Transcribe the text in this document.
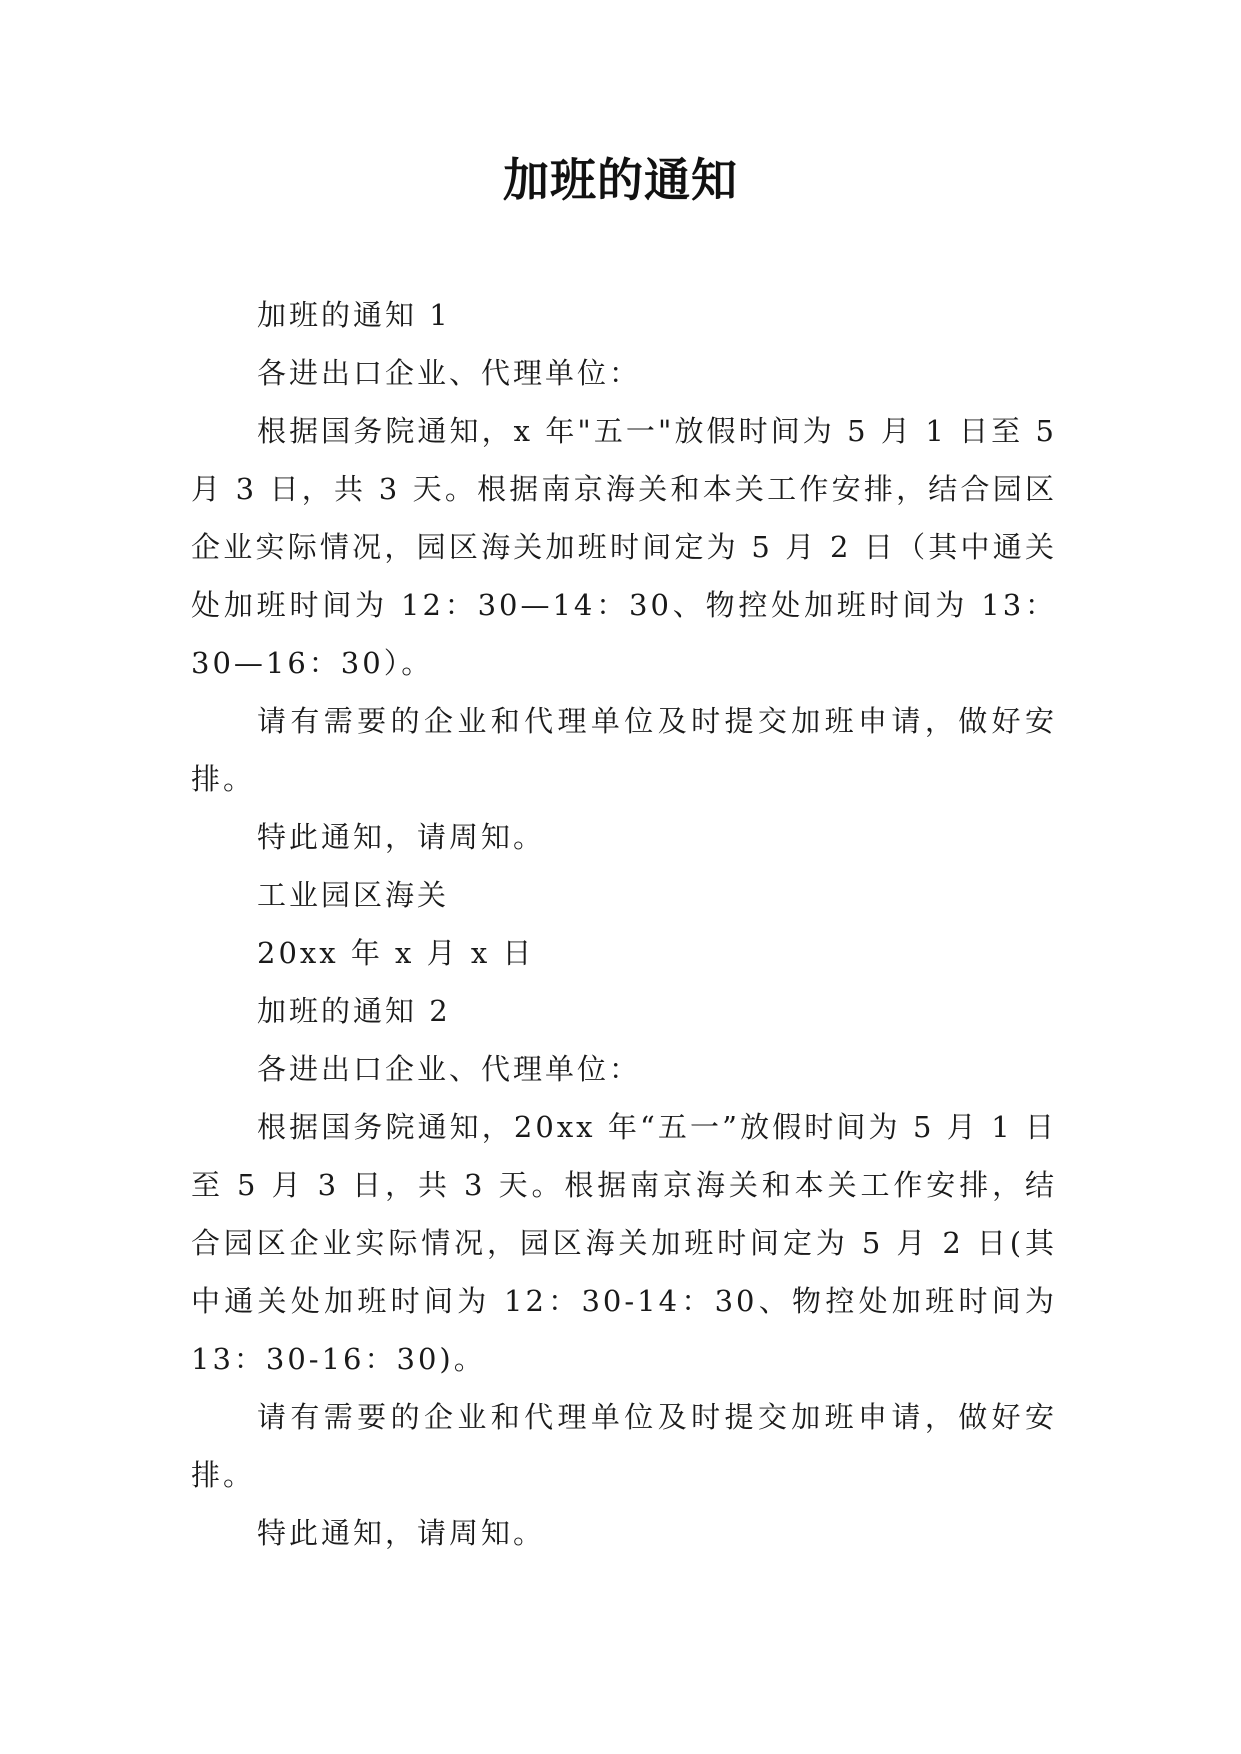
加班的通知

加班的通知 1

各进出口企业、代理单位：

根据国务院通知，x 年"五一"放假时间为 5 月 1 日至 5 月 3 日，共 3 天。根据南京海关和本关工作安排，结合园区企业实际情况，园区海关加班时间定为 5 月 2 日（其中通关处加班时间为 12：30—14：30、物控处加班时间为 13：30—16：30）。

请有需要的企业和代理单位及时提交加班申请，做好安排。

特此通知，请周知。

工业园区海关

20xx 年 x 月 x 日

加班的通知 2

各进出口企业、代理单位：

根据国务院通知，20xx 年“五一”放假时间为 5 月 1 日至 5 月 3 日，共 3 天。根据南京海关和本关工作安排，结合园区企业实际情况，园区海关加班时间定为 5 月 2 日(其中通关处加班时间为 12：30-14：30、物控处加班时间为 13：30-16：30)。

请有需要的企业和代理单位及时提交加班申请，做好安排。

特此通知，请周知。
